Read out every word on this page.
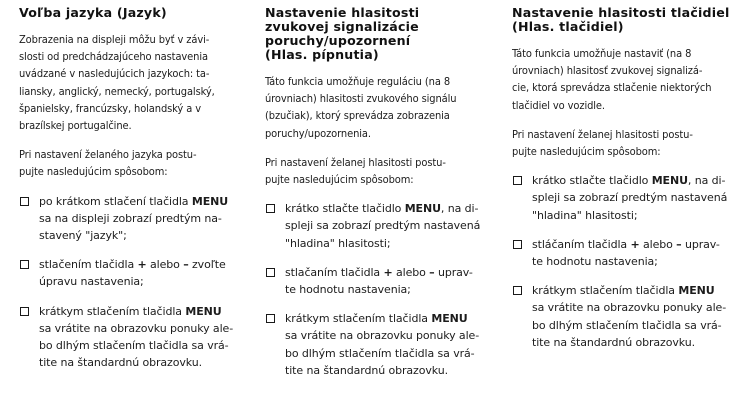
Voľba jazyka (Jazyk)
Zobrazenia na displeji môžu byť v závi-
slosti od predchádzajúceho nastavenia
uvádzané v nasledujúcich jazykoch: ta-
liansky, anglický, nemecký, portugalský,
španielsky, francúzsky, holandský a v
brazílskej portugalčine.
Pri nastavení želaného jazyka postu-
pujte nasledujúcim spôsobom:
po krátkom stlačení tlačidla MENU
sa na displeji zobrazí predtým na-
stavený "jazyk";
stlačením tlačidla + alebo – zvoľte
úpravu nastavenia;
krátkym stlačením tlačidla MENU
sa vrátite na obrazovku ponuky ale-
bo dlhým stlačením tlačidla sa vrá-
tite na štandardnú obrazovku.
Nastavenie hlasitosti
zvukovej signalizácie
poruchy/upozornení
(Hlas. pípnutia)
Táto funkcia umožňuje reguláciu (na 8
úrovniach) hlasitosti zvukového signálu
(bzučiak), ktorý sprevádza zobrazenia
poruchy/upozornenia.
Pri nastavení želanej hlasitosti postu-
pujte nasledujúcim spôsobom:
krátko stlačte tlačidlo MENU, na di-
spleji sa zobrazí predtým nastavená
"hladina" hlasitosti;
stlačaním tlačidla + alebo – uprav-
te hodnotu nastavenia;
krátkym stlačením tlačidla MENU
sa vrátite na obrazovku ponuky ale-
bo dlhým stlačením tlačidla sa vrá-
tite na štandardnú obrazovku.
Nastavenie hlasitosti tlačidiel
(Hlas. tlačidiel)
Táto funkcia umožňuje nastaviť (na 8
úrovniach) hlasitosť zvukovej signalizá-
cie, ktorá sprevádza stlačenie niektorých
tlačidiel vo vozidle.
Pri nastavení želanej hlasitosti postu-
pujte nasledujúcim spôsobom:
krátko stlačte tlačidlo MENU, na di-
spleji sa zobrazí predtým nastavená
"hladina" hlasitosti;
stláčaním tlačidla + alebo – uprav-
te hodnotu nastavenia;
krátkym stlačením tlačidla MENU
sa vrátite na obrazovku ponuky ale-
bo dlhým stlačením tlačidla sa vrá-
tite na štandardnú obrazovku.
